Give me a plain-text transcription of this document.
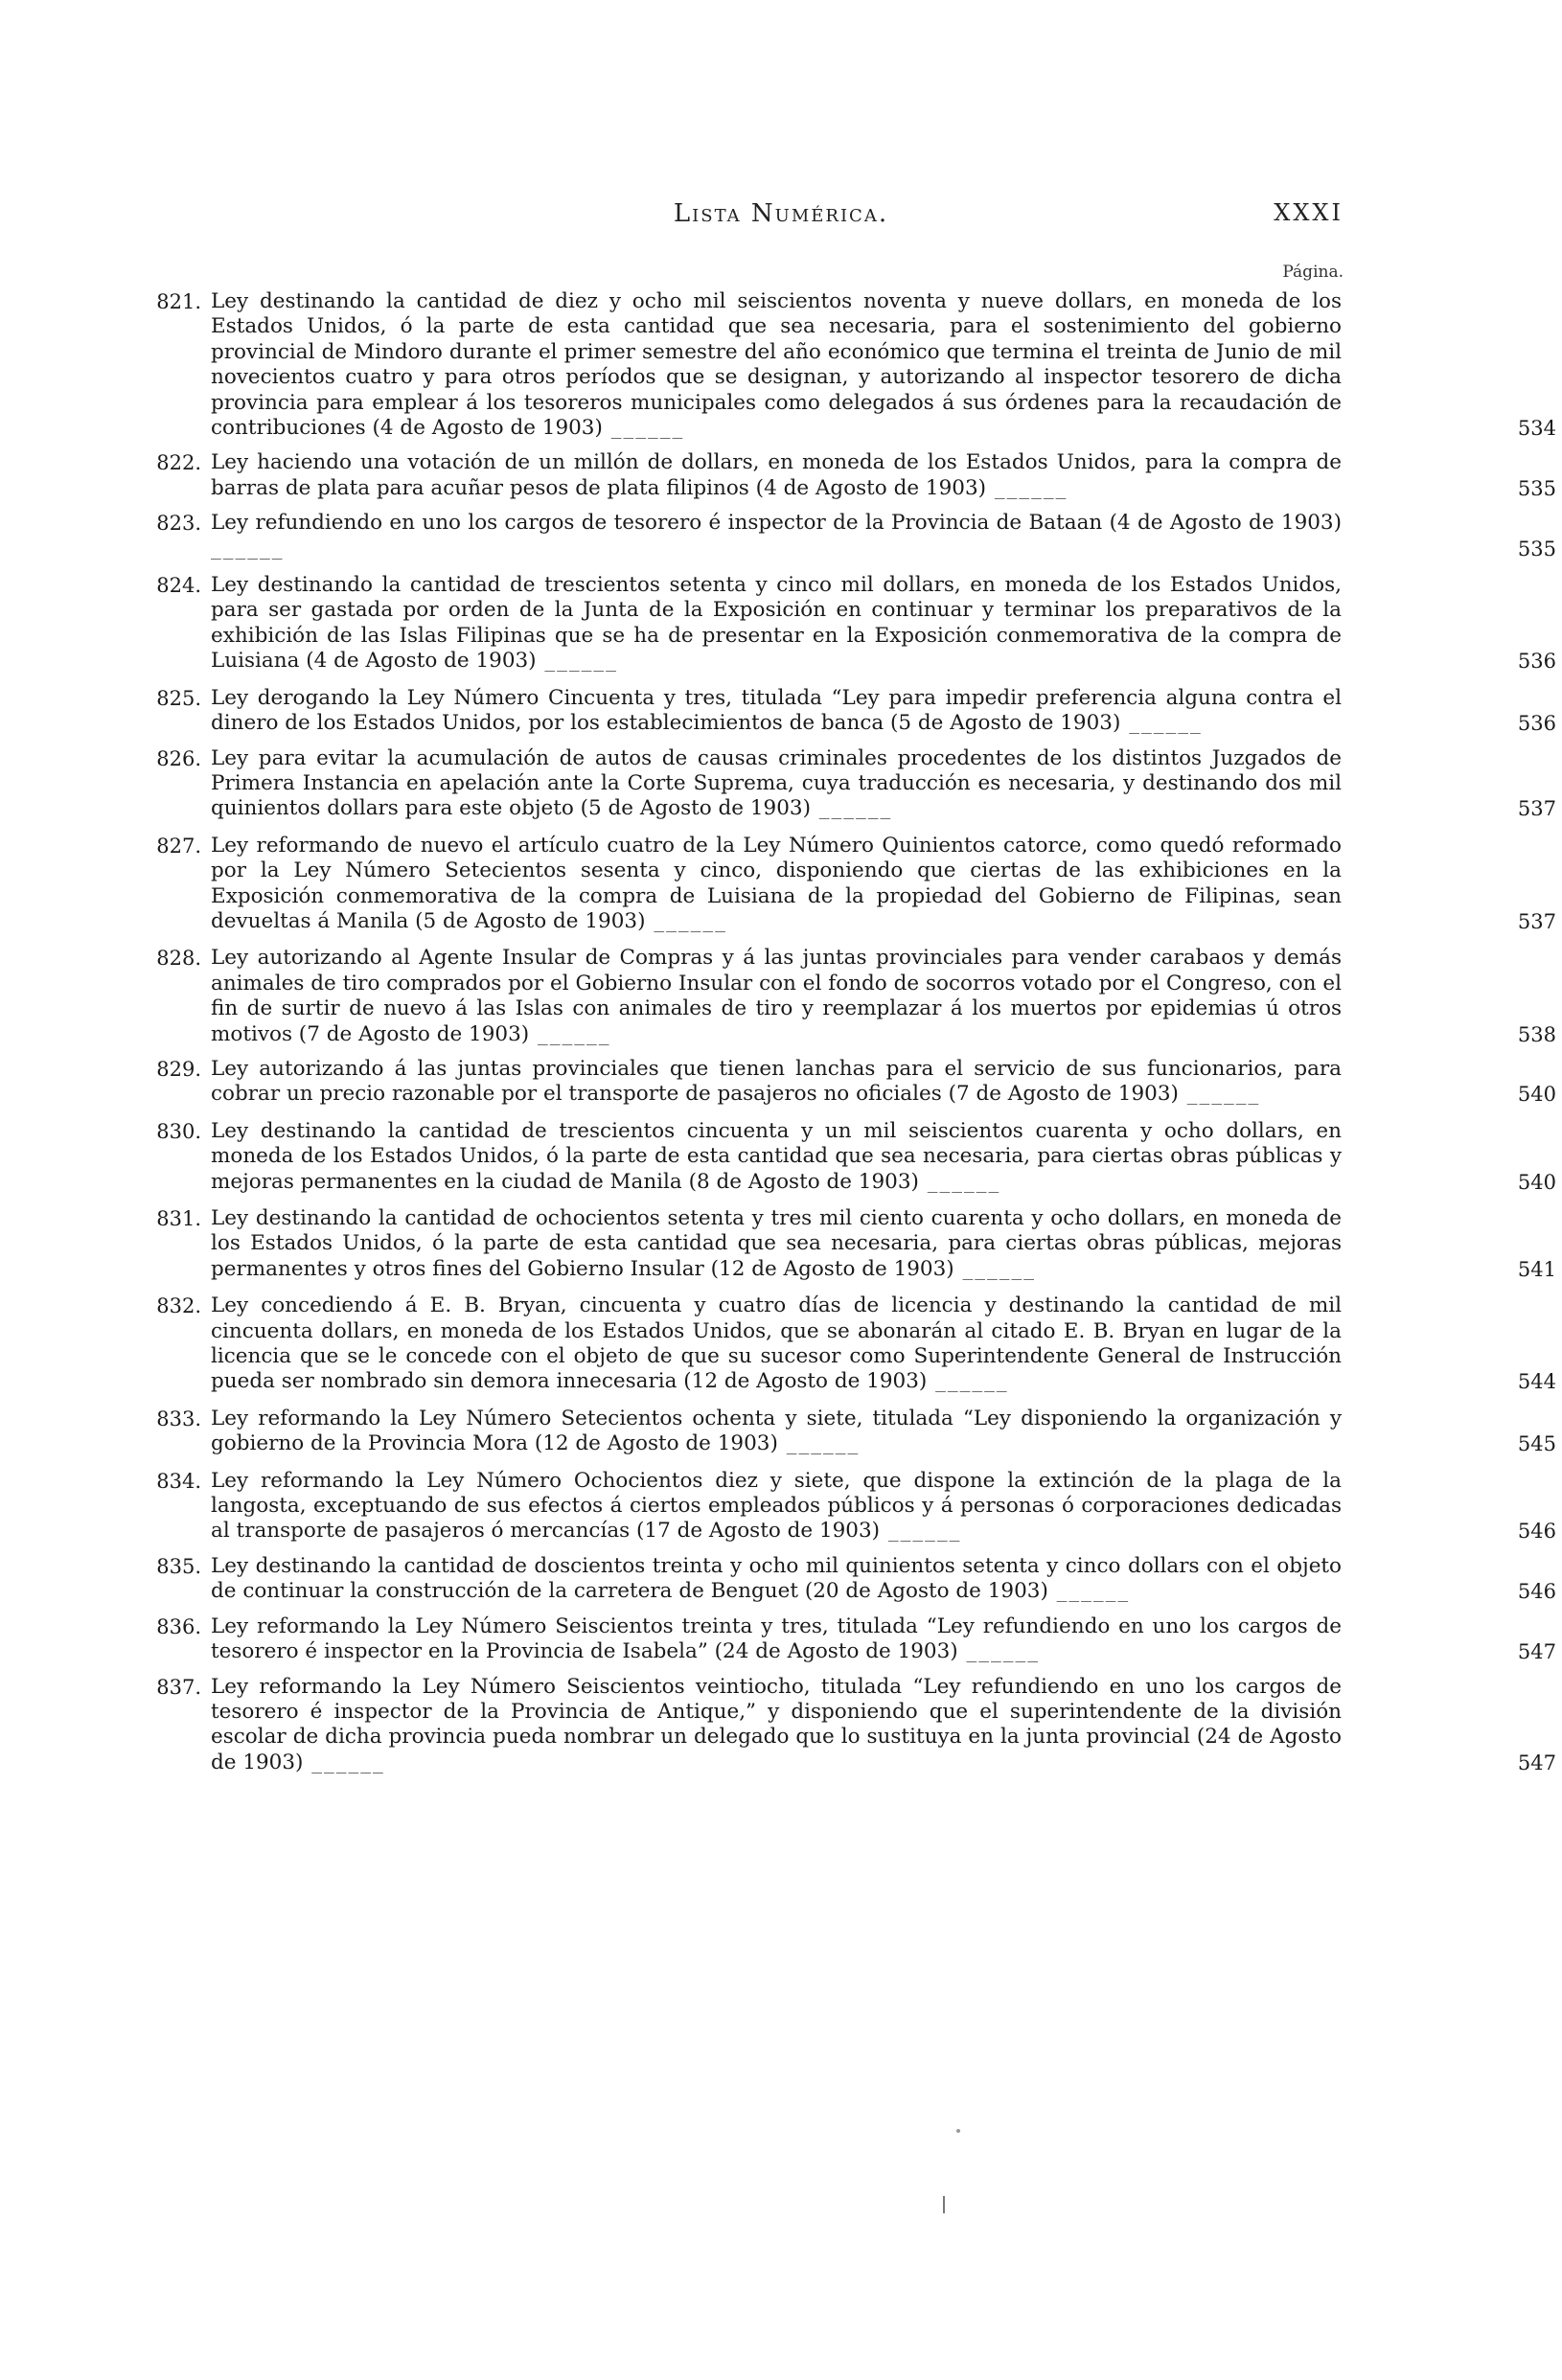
Lista Numérica.	XXXI
Página.
821. Ley destinando la cantidad de diez y ocho mil seiscientos noventa y nueve dollars, en moneda de los Estados Unidos, ó la parte de esta cantidad que sea necesaria, para el sostenimiento del gobierno provincial de Mindoro durante el primer semestre del año económico que termina el treinta de Junio de mil novecientos cuatro y para otros períodos que se designan, y autorizando al inspector tesorero de dicha provincia para emplear á los tesoreros municipales como delegados á sus órdenes para la recaudación de contribuciones (4 de Agosto de 1903) ______	534
822. Ley haciendo una votación de un millón de dollars, en moneda de los Estados Unidos, para la compra de barras de plata para acuñar pesos de plata filipinos (4 de Agosto de 1903) ______	535
823. Ley refundiendo en uno los cargos de tesorero é inspector de la Provincia de Bataan (4 de Agosto de 1903) ______	535
824. Ley destinando la cantidad de trescientos setenta y cinco mil dollars, en moneda de los Estados Unidos, para ser gastada por orden de la Junta de la Exposición en continuar y terminar los preparativos de la exhibición de las Islas Filipinas que se ha de presentar en la Exposición conmemorativa de la compra de Luisiana (4 de Agosto de 1903) ______	536
825. Ley derogando la Ley Número Cincuenta y tres, titulada “Ley para impedir preferencia alguna contra el dinero de los Estados Unidos, por los establecimientos de banca (5 de Agosto de 1903) ______	536
826. Ley para evitar la acumulación de autos de causas criminales procedentes de los distintos Juzgados de Primera Instancia en apelación ante la Corte Suprema, cuya traducción es necesaria, y destinando dos mil quinientos dollars para este objeto (5 de Agosto de 1903) ______	537
827. Ley reformando de nuevo el artículo cuatro de la Ley Número Quinientos catorce, como quedó reformado por la Ley Número Setecientos sesenta y cinco, disponiendo que ciertas de las exhibiciones en la Exposición conmemorativa de la compra de Luisiana de la propiedad del Gobierno de Filipinas, sean devueltas á Manila (5 de Agosto de 1903) ______	537
828. Ley autorizando al Agente Insular de Compras y á las juntas provinciales para vender carabaos y demás animales de tiro comprados por el Gobierno Insular con el fondo de socorros votado por el Congreso, con el fin de surtir de nuevo á las Islas con animales de tiro y reemplazar á los muertos por epidemias ú otros motivos (7 de Agosto de 1903) ______	538
829. Ley autorizando á las juntas provinciales que tienen lanchas para el servicio de sus funcionarios, para cobrar un precio razonable por el transporte de pasajeros no oficiales (7 de Agosto de 1903) ______	540
830. Ley destinando la cantidad de trescientos cincuenta y un mil seiscientos cuarenta y ocho dollars, en moneda de los Estados Unidos, ó la parte de esta cantidad que sea necesaria, para ciertas obras públicas y mejoras permanentes en la ciudad de Manila (8 de Agosto de 1903) ______	540
831. Ley destinando la cantidad de ochocientos setenta y tres mil ciento cuarenta y ocho dollars, en moneda de los Estados Unidos, ó la parte de esta cantidad que sea necesaria, para ciertas obras públicas, mejoras permanentes y otros fines del Gobierno Insular (12 de Agosto de 1903) ______	541
832. Ley concediendo á E. B. Bryan, cincuenta y cuatro días de licencia y destinando la cantidad de mil cincuenta dollars, en moneda de los Estados Unidos, que se abonarán al citado E. B. Bryan en lugar de la licencia que se le concede con el objeto de que su sucesor como Superintendente General de Instrucción pueda ser nombrado sin demora innecesaria (12 de Agosto de 1903) ______	544
833. Ley reformando la Ley Número Setecientos ochenta y siete, titulada “Ley disponiendo la organización y gobierno de la Provincia Mora (12 de Agosto de 1903) ______	545
834. Ley reformando la Ley Número Ochocientos diez y siete, que dispone la extinción de la plaga de la langosta, exceptuando de sus efectos á ciertos empleados públicos y á personas ó corporaciones dedicadas al transporte de pasajeros ó mercancías (17 de Agosto de 1903) ______	546
835. Ley destinando la cantidad de doscientos treinta y ocho mil quinientos setenta y cinco dollars con el objeto de continuar la construcción de la carretera de Benguet (20 de Agosto de 1903) ______	546
836. Ley reformando la Ley Número Seiscientos treinta y tres, titulada “Ley refundiendo en uno los cargos de tesorero é inspector en la Provincia de Isabela” (24 de Agosto de 1903) ______	547
837. Ley reformando la Ley Número Seiscientos veintiocho, titulada “Ley refundiendo en uno los cargos de tesorero é inspector de la Provincia de Antique,” y disponiendo que el superintendente de la división escolar de dicha provincia pueda nombrar un delegado que lo sustituya en la junta provincial (24 de Agosto de 1903) ______	547
